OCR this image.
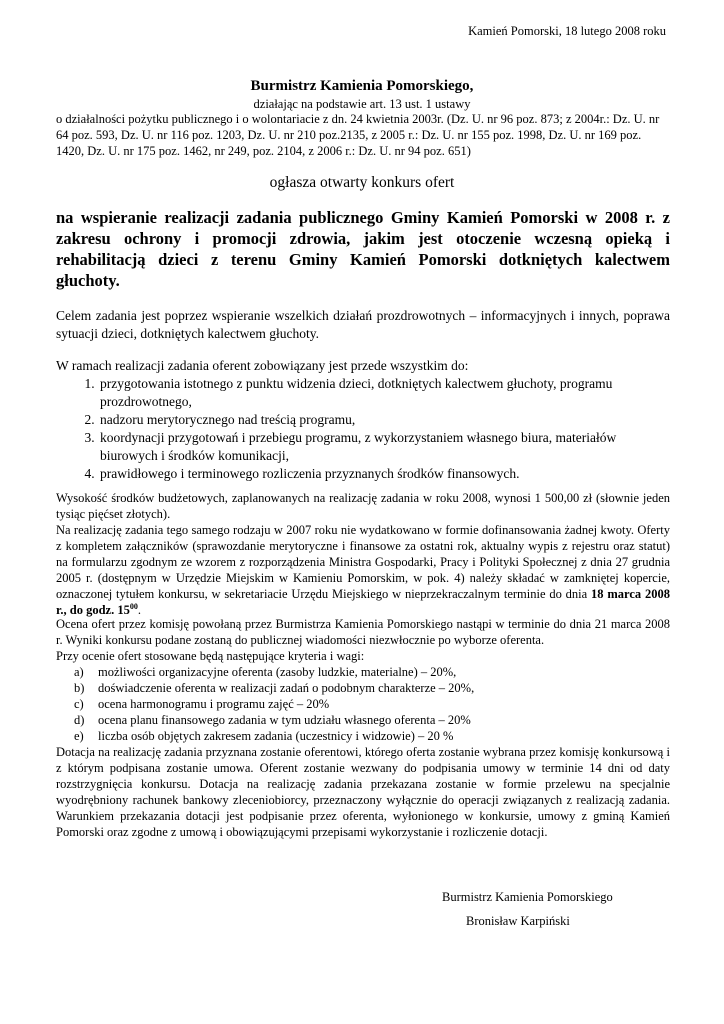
Kamień Pomorski, 18 lutego 2008 roku

Burmistrz Kamienia Pomorskiego,

działając na podstawie art. 13 ust. 1 ustawy

o działalności pożytku publicznego i o wolontariacie z dn. 24 kwietnia 2003r. (Dz. U. nr 96 poz. 873; z 2004r.: Dz. U. nr 64 poz. 593, Dz. U. nr 116 poz. 1203, Dz. U. nr 210 poz.2135, z 2005 r.: Dz. U. nr 155 poz. 1998, Dz. U. nr 169 poz. 1420, Dz. U. nr 175 poz. 1462, nr 249, poz. 2104, z 2006 r.: Dz. U. nr 94 poz. 651)

ogłasza otwarty konkurs ofert

na wspieranie realizacji zadania publicznego Gminy Kamień Pomorski w 2008 r. z zakresu ochrony i promocji zdrowia, jakim jest otoczenie wczesną opieką i rehabilitacją dzieci z terenu Gminy Kamień Pomorski dotkniętych kalectwem głuchoty.

Celem zadania jest poprzez wspieranie wszelkich działań prozdrowotnych – informacyjnych i innych, poprawa sytuacji dzieci, dotkniętych kalectwem głuchoty.

W ramach realizacji zadania oferent zobowiązany jest przede wszystkim do:

1. przygotowania istotnego z punktu widzenia dzieci, dotkniętych kalectwem głuchoty, programu prozdrowotnego,
2. nadzoru merytorycznego nad treścią programu,
3. koordynacji przygotowań i przebiegu programu, z wykorzystaniem własnego biura, materiałów biurowych i środków komunikacji,
4. prawidłowego i terminowego rozliczenia przyznanych środków finansowych.

Wysokość środków budżetowych, zaplanowanych na realizację zadania w roku 2008, wynosi 1 500,00 zł (słownie jeden tysiąc pięćset złotych).

Na realizację zadania tego samego rodzaju w 2007 roku nie wydatkowano w formie dofinansowania żadnej kwoty. Oferty z kompletem załączników (sprawozdanie merytoryczne i finansowe za ostatni rok, aktualny wypis z rejestru oraz statut) na formularzu zgodnym ze wzorem z rozporządzenia Ministra Gospodarki, Pracy i Polityki Społecznej z dnia 27 grudnia 2005 r. (dostępnym w Urzędzie Miejskim w Kamieniu Pomorskim, w pok. 4) należy składać w zamkniętej kopercie, oznaczonej tytułem konkursu, w sekretariacie Urzędu Miejskiego w nieprzekraczalnym terminie do dnia 18 marca 2008 r., do godz. $15^{00}$.

Ocena ofert przez komisję powołaną przez Burmistrza Kamienia Pomorskiego nastąpi w terminie do dnia 21 marca 2008 r. Wyniki konkursu podane zostaną do publicznej wiadomości niezwłocznie po wyborze oferenta.

Przy ocenie ofert stosowane będą następujące kryteria i wagi:

a) możliwości organizacyjne oferenta (zasoby ludzkie, materialne) – 20%,
b) doświadczenie oferenta w realizacji zadań o podobnym charakterze – 20%,
c) ocena harmonogramu i programu zajęć – 20%
d) ocena planu finansowego zadania w tym udziału własnego oferenta – 20%
e) liczba osób objętych zakresem zadania (uczestnicy i widzowie) – 20 %

Dotacja na realizację zadania przyznana zostanie oferentowi, którego oferta zostanie wybrana przez komisję konkursową i z którym podpisana zostanie umowa. Oferent zostanie wezwany do podpisania umowy w terminie 14 dni od daty rozstrzygnięcia konkursu. Dotacja na realizację zadania przekazana zostanie w formie przelewu na specjalnie wyodrębniony rachunek bankowy zleceniobiorcy, przeznaczony wyłącznie do operacji związanych z realizacją zadania. Warunkiem przekazania dotacji jest podpisanie przez oferenta, wyłonionego w konkursie, umowy z gminą Kamień Pomorski oraz zgodne z umową i obowiązującymi przepisami wykorzystanie i rozliczenie dotacji.

Burmistrz Kamienia Pomorskiego

Bronisław Karpiński
